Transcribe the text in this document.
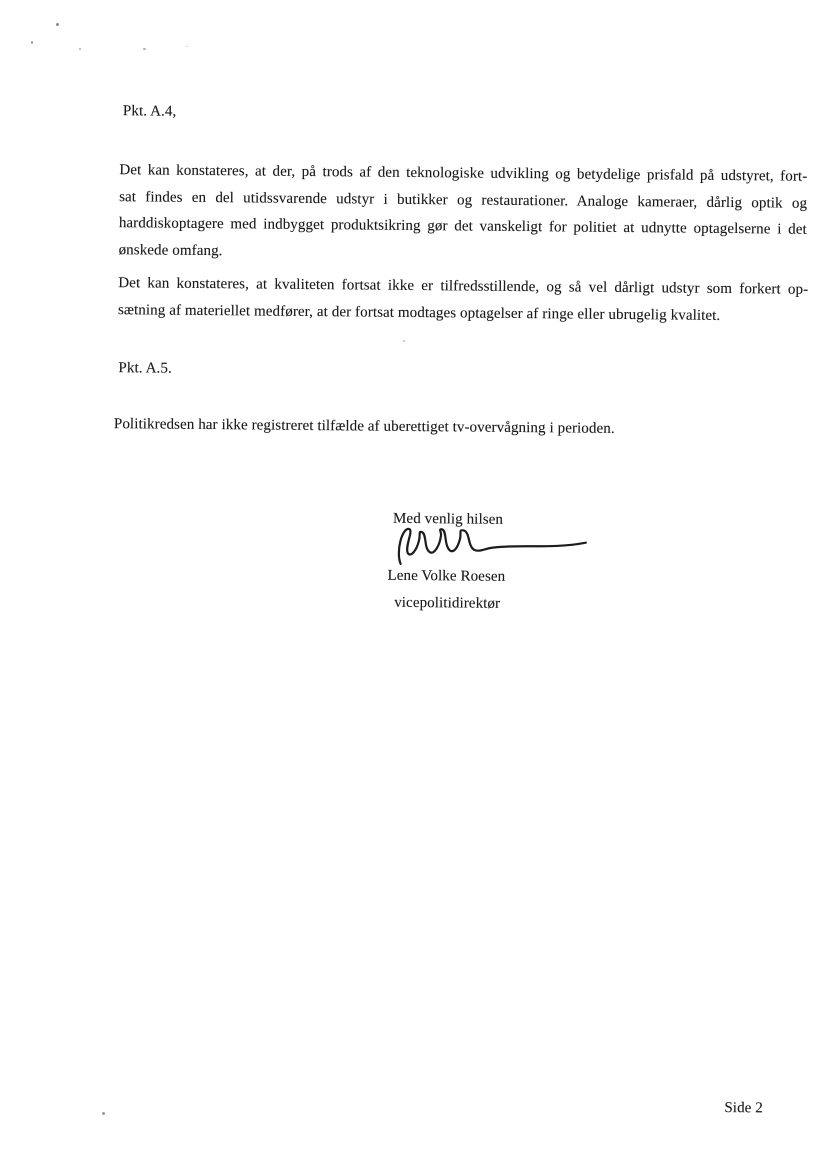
Pkt. A.4,
Det kan konstateres, at der, på trods af den teknologiske udvikling og betydelige prisfald på udstyret, fort-
sat findes en del utidssvarende udstyr i butikker og restaurationer. Analoge kameraer, dårlig optik og
harddiskoptagere med indbygget produktsikring gør det vanskeligt for politiet at udnytte optagelserne i det
ønskede omfang.
Det kan konstateres, at kvaliteten fortsat ikke er tilfredsstillende, og så vel dårligt udstyr som forkert op-
sætning af materiellet medfører, at der fortsat modtages optagelser af ringe eller ubrugelig kvalitet.
Pkt. A.5.
Politikredsen har ikke registreret tilfælde af uberettiget tv-overvågning i perioden.
Med venlig hilsen
Lene Volke Roesen
vicepolitidirektør
Side 2
